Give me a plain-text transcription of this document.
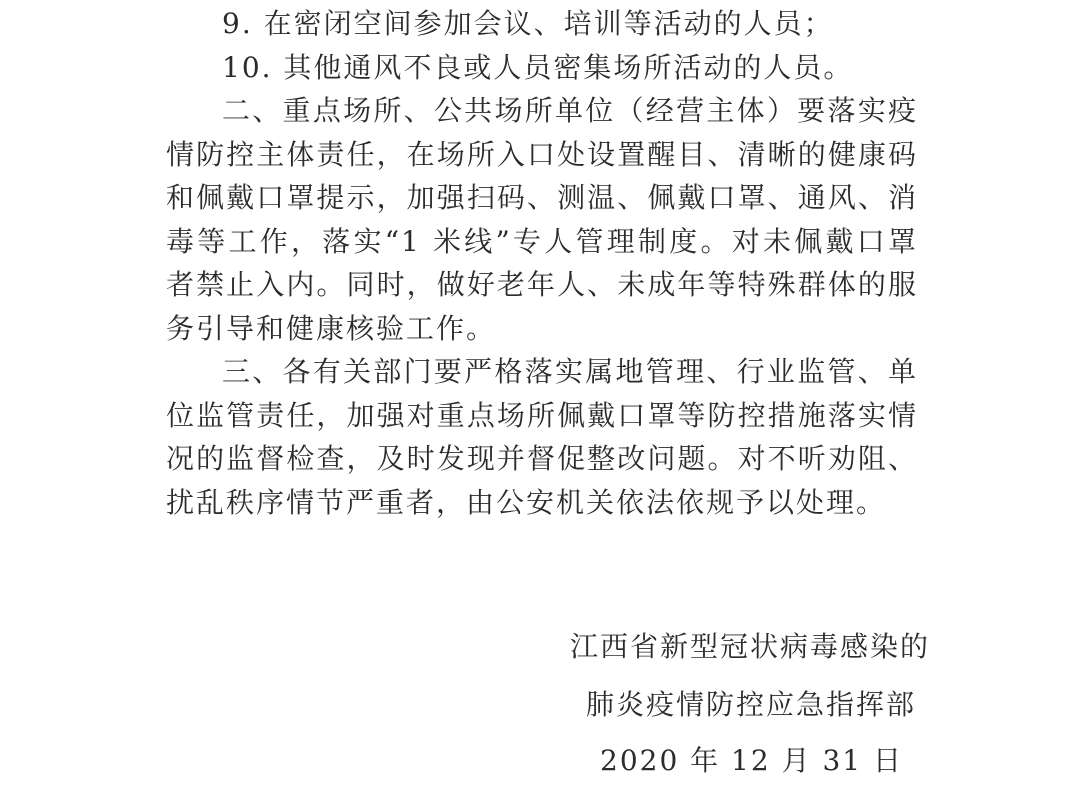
9. 在密闭空间参加会议、培训等活动的人员；

10. 其他通风不良或人员密集场所活动的人员。

二、重点场所、公共场所单位（经营主体）要落实疫情防控主体责任，在场所入口处设置醒目、清晰的健康码和佩戴口罩提示，加强扫码、测温、佩戴口罩、通风、消毒等工作，落实“1 米线”专人管理制度。对未佩戴口罩者禁止入内。同时，做好老年人、未成年等特殊群体的服务引导和健康核验工作。

三、各有关部门要严格落实属地管理、行业监管、单位监管责任，加强对重点场所佩戴口罩等防控措施落实情况的监督检查，及时发现并督促整改问题。对不听劝阻、扰乱秩序情节严重者，由公安机关依法依规予以处理。

江西省新型冠状病毒感染的
肺炎疫情防控应急指挥部
2020 年 12 月 31 日
